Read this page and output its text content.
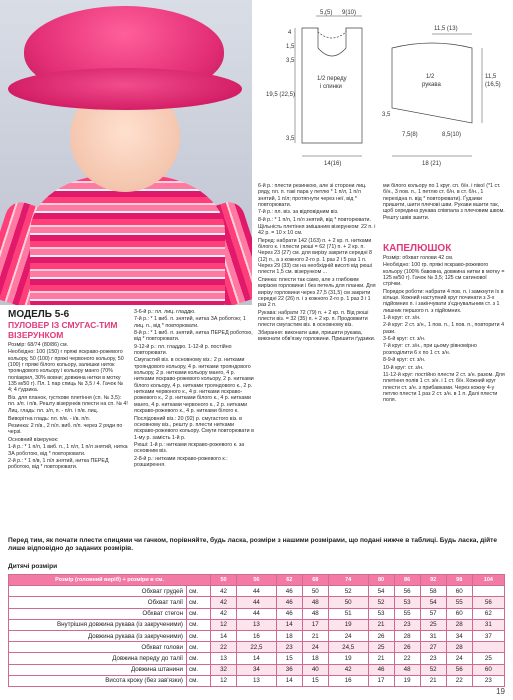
5,(5) 9(10)
4
1,5
3,5
19,5 (22,5)
3,5
1/2 переду
і спинки
14(16)
11,5 (13)
11,5
(16,5)
1/2
рукава
3,5
7,5(8)	8,5(10)
18 (21)

6-й р.: плести резинкою, але зі сторони лиц. ряду, пл. п. такі пара у петлю * 1 п/л, 1 п/л знятий, 1 п/л; протягнути через неї, від * повторювати.

7-й р.: пл. віз. за відповідним віз.

8-й р.: * 1 п/л, 1 п/л знятий, від * повторювати.

Щільність плетіння змішаним візерунком: 22 п. і 42 р. = 10 х 10 см.

Перед: набрати 142 (163) п. + 2 кр. п. нитками білого к. і плести рюші = 62 (71) п. + 2 кр. п. Через 23 (27) см. для вирізу закрити середні 8 (12) п., а з кожного 2-го р. 1 раз 2 і 5 раз 1 п. Через 29 (33) см на необхідній висоті від рюші плести 1,5 см. візерунком ...

Спинка: плести так само, але з глибоким вирізом горловини і без петель для планки. Для вирізу горловини через 27,5 (31,5) см закрити середні 22 (26) п. і з кожного 2-го р. 1 раз 3 і 1 раз 2 п.

Рукава: набрати 72 (79) п. + 2 кр. п. Від рюші плести віз. = 32 (35) п. + 2 кр. п. Продовжити плести смугастим віз. в основному віз.

Збирання: виконати шви, пришити рукава, виконати обв'язку горловини. Пришити ґудзики.

ми білого кольору по 1 круг. сп. б/н. і пікої (*1 ст. б/н., 3 пов. п., 1 петлю ст. б/н. в ст. б/н., 1 перехідна п. від * повторювати). Ґудзики пришити, шити плечові шви. Рукави вшити так, щоб середина рукава співпала з плечовим швом. Решту швів зшити.

КАПЕЛЮШОК

Розмір: обхват голови 42 см.

Необхідно: 100 гр. пряжі яскраво-рожевого кольору (100% бавовна, довжина нитки в мотку = 125 м/50 г). Гачок № 3,5; 125 см сатинової стрічки.

Порядок роботи: набрати 4 пов. п. і замкнути їх в кільце. Кожний наступний круг починати з 3-х підйомних п. і закінчувати з'єднувальним ст. з 1 лишник першого п. з підйомних.

1-й круг: ст. з/н.

2-й круг: 2 ст. з/н., 1 пов. п., 1 пов. п., повторити 4 рази.

3-6-й круг: ст. з/н.

7-й круг: ст. з/н., при цьому рівномірно розподілити 6 х по 1 ст. з/н.

8-9-й круг: ст. з/н.

10-й круг: ст. з/н.

11-12-й круг: постійно плести 2 ст. з/н. разом. Для плетіння полів 1 ст. з/н. і 1 ст. б/н. Кожний круг плести ст. з/н. з прибавками. Через кожну 4-у петлю плести 1 раз 2 ст. з/н. в 1 п. Далі плести поля.

МОДЕЛЬ 5-6
ПУЛОВЕР ІЗ СМУГАС-ТИМ ВІЗЕРУНКОМ

Розмір: 68/74 (80/86) см.

Необхідно: 100 (150) г пряжі яскраво-рожевого кольору, 50 (100) г пряжі червоного кольору, 50 (100) г пряжі білого кольору, залишки ниток трояндового кольору і кольору манго (70% поліакрил, 30% вовни; довжина нитки в мотку 135 м/50 г). Пл. 1 пар спиць № 3,5 / 4. Гачок № 4; 4 ґудзика.

Віз. для планок, густкове плетіння (сп. № 3,5): пл. з/п. і п/в. Решту візерунків плести на сп. № 4!

Лиц. гладь: пл. з/п, п. - п/п. і п/в. лиц.

Виворітна гладь: пл. п/в. - і/в. п/п.

Резинка: 2 п/в., 2 п/л. виб. п/п. через 2 ряди по черзі.

Основний візерунок:

1-й р.: * 1 п/л, 1 виб. п., 1 п/л, 1 п/л знятий, нитка ЗА роботою, від * повторювати.

2-й р.: * 1 п/в, 1 п/л знятий, нитка ПЕРЕД роботою, від * повторювати.

3-6-й р.: пл. лиц. гладдю.

7-й р.: * 1 виб. п. знятий, нитка ЗА роботою; 1 лиц. п., від * повторювати.

8-й р.: * 1 виб. п. знятий, нитка ПЕРЕД роботою, від * повторювати.

9-12-й р.: пл. гладдю. 1-12-й р. постійно повторювати.

Смугастий віз. в основному віз.: 2 р. нитками трояндового кольору, 4 р. нитками трояндового кольору, 2 р. нитками кольору манго, 4 р. нитками яскраво-рожевого кольору, 2 р. нитками білого кольору, 4 р. нитками трояндового к., 2 р. нитками червоного к., 4 р. нитками яскраво-рожевого к., 2 р. нитками білого к., 4 р. нитками манго, 4 р. нитками червоного к., 2 р. нитками яскраво-рожевого к., 4 р. нитками білого к.

Послідовний віз.: 20 (92) р. смугастого віз. в основному віз., решту р. плести нитками яскраво-рожевого кольору. Смуги повторювати в 1-му р. замість 1-й р.

Рюші: 1-й р.: нитками яскраво-рожевого к. за основним віз.

2-8-й р.: нитками яскраво-рожевого к.: розширення.

Перед тим, як почати плести спицями чи гачком, порівняйте, будь ласка, розміри з нашими розмірами, що подані нижче в таблиці. Будь ласка, дійте лише відповідно до заданих розмірів.
Дитячі розміри
Розмір (головний виріб) + розміри в см.		50	56	62	68	74	80	86	92	98	104
Обхват грудей	см.	42	44	46	50	52	54	56	58	60	
Обхват талії	см.	42	44	46	48	50	52	53	54	55	56
Обхват стегон	см.	42	44	46	48	51	53	55	57	60	62
Внутрішня довжина рукава (із закрученими)	см.	12	13	14	17	19	21	23	25	28	31
Довжина рукава (із закрученими)	см.	14	16	18	21	24	26	28	31	34	37
Обхват голови	см.	22	22,5	23	24	24,5	25	26	27	28	
Довжина переду до талії	см.	13	14	15	18	19	21	22	23	24	25
Довжина штанини	см.	32	34	36	40	42	46	48	52	56	60
Висота кроку (без зав'язки)	см.	12	13	14	15	16	17	19	21	22	23
19
